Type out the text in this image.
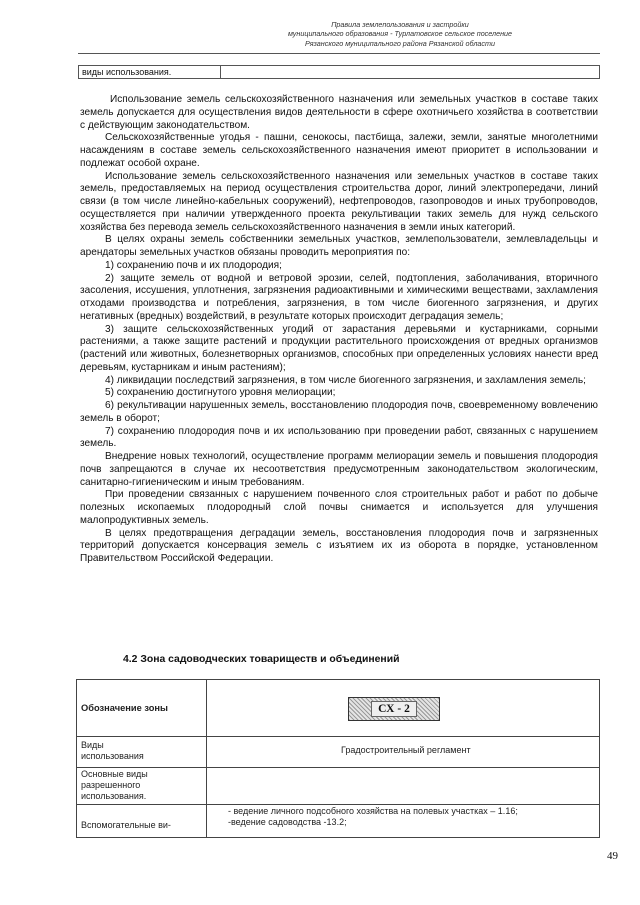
Правила землепользования и застройки
муниципального образования - Турлатовское сельское поселение
Рязанского муниципального района Рязанской области
виды использования.

Использование земель сельскохозяйственного назначения или земельных участков в составе таких земель допускается для осуществления видов деятельности в сфере охотничьего хозяйства в соответствии с действующим законодательством.

Сельскохозяйственные угодья - пашни, сенокосы, пастбища, залежи, земли, занятые многолетними насаждениям в составе земель сельскохозяйственного назначения имеют приоритет в использовании и подлежат особой охране.

Использование земель сельскохозяйственного назначения или земельных участков в составе таких земель, предоставляемых на период осуществления строительства дорог, линий электропередачи, линий связи (в том числе линейно-кабельных сооружений), нефтепроводов, газопроводов и иных трубопроводов, осуществляется при наличии утвержденного проекта рекультивации таких земель для нужд сельского хозяйства без перевода земель сельскохозяйственного назначения в земли иных категорий.

В целях охраны земель собственники земельных участков, землепользователи, землевладельцы и арендаторы земельных участков обязаны проводить мероприятия по:

1) сохранению почв и их плодородия;

2) защите земель от водной и ветровой эрозии, селей, подтопления, заболачивания, вторичного засоления, иссушения, уплотнения, загрязнения радиоактивными и химическими веществами, захламления отходами производства и потребления, загрязнения, в том числе биогенного загрязнения, и других негативных (вредных) воздействий, в результате которых происходит деградация земель;

3) защите сельскохозяйственных угодий от зарастания деревьями и кустарниками, сорными растениями, а также защите растений и продукции растительного происхождения от вредных организмов (растений или животных, болезнетворных организмов, способных при определенных условиях нанести вред деревьям, кустарникам и иным растениям);

4) ликвидации последствий загрязнения, в том числе биогенного загрязнения, и захламления земель;

5) сохранению достигнутого уровня мелиорации;

6) рекультивации нарушенных земель, восстановлению плодородия почв, своевременному вовлечению земель в оборот;

7) сохранению плодородия почв и их использованию при проведении работ, связанных с нарушением земель.

Внедрение новых технологий, осуществление программ мелиорации земель и повышения плодородия почв запрещаются в случае их несоответствия предусмотренным законодательством экологическим, санитарно-гигиеническим и иным требованиям.

При проведении связанных с нарушением почвенного слоя строительных работ и работ по добыче полезных ископаемых плодородный слой почвы снимается и используется для улучшения малопродуктивных земель.

В целях предотвращения деградации земель, восстановления плодородия почв и загрязненных территорий допускается консервация земель с изъятием их из оборота в порядке, установленном Правительством Российской Федерации.

4.2 Зона садоводческих товариществ и объединений
Обозначение зоны	СХ - 2
Виды использования
Градостроительный регламент
Основные виды разрешенного использования.
Вспомогательные ви-
- ведение личного подсобного хозяйства на полевых участках – 1.16;
-ведение садоводства -13.2;
49
